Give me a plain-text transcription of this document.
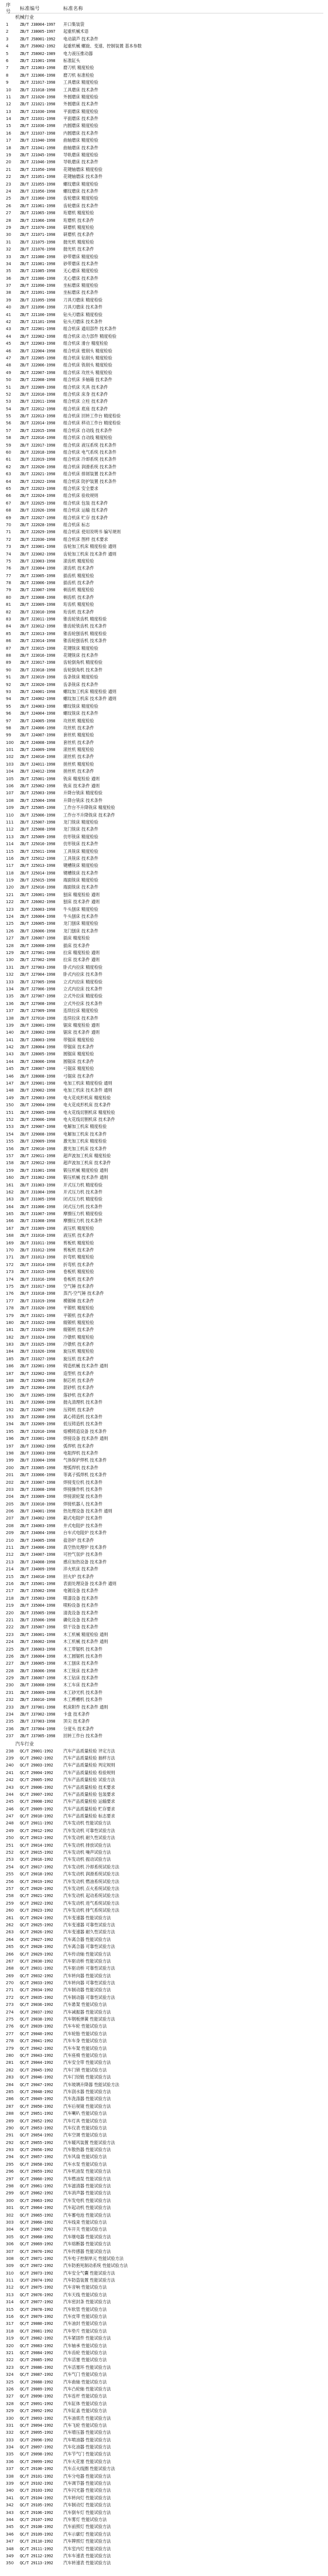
序号
标准编号	标准名称
机械行业
1	ZB/T J38004-1997	开口集装袋
2	ZB/T J38005-1997	起重机械术语
3	ZB/T J58001-1992	电动葫芦 技术条件
4	ZB/T J58002-1992	起重机械 螺旋、变速、控制装置 基本参数
5	ZB/T J58002-1989	电力液压推动器
6	ZB/T J21001-1998	标准缸头
7	ZB/T J21003-1998	磨刀机 精度检验
8	ZB/T J21006-1998	磨刀机 标准检验
9	ZB/T J21017-1998	工具磨床 精度检验
10	ZB/T J21018-1998	工具磨床 技术条件
11	ZB/T J21020-1998	外圆磨床 精度检验
12	ZB/T J21021-1998	外圆磨床 技术条件
13	ZB/T J21030-1998	平面磨床 精度检验
14	ZB/T J21031-1998	平面磨床 技术条件
15	ZB/T J21036-1998	内圆磨床 精度检验
16	ZB/T J21037-1998	内圆磨床 技术条件
17	ZB/T J21040-1998	曲轴磨床 精度检验
18	ZB/T J21041-1998	曲轴磨床 技术条件
19	ZB/T J21045-1998	导轨磨床 精度检验
20	ZB/T J21046-1998	导轨磨床 技术条件
21	ZB/T J21050-1998	花键轴磨床 精度检验
22	ZB/T J21051-1998	花键轴磨床 技术条件
23	ZB/T J21055-1998	螺纹磨床 精度检验
24	ZB/T J21056-1998	螺纹磨床 技术条件
25	ZB/T J21060-1998	齿轮磨床 精度检验
26	ZB/T J21061-1998	齿轮磨床 技术条件
27	ZB/T J21065-1998	珩磨机 精度检验
28	ZB/T J21066-1998	珩磨机 技术条件
29	ZB/T J21070-1998	研磨机 精度检验
30	ZB/T J21071-1998	研磨机 技术条件
31	ZB/T J21075-1998	抛光机 精度检验
32	ZB/T J21076-1998	抛光机 技术条件
33	ZB/T J21080-1998	砂带磨床 精度检验
34	ZB/T J21081-1998	砂带磨床 技术条件
35	ZB/T J21085-1998	无心磨床 精度检验
36	ZB/T J21086-1998	无心磨床 技术条件
37	ZB/T J21090-1998	坐标磨床 精度检验
38	ZB/T J21091-1998	坐标磨床 技术条件
39	ZB/T J21095-1998	刀具刃磨床 精度检验
40	ZB/T J21096-1998	刀具刃磨床 技术条件
41	ZB/T J21100-1998	钻头刃磨床 精度检验
42	ZB/T J21101-1998	钻头刃磨床 技术条件
43	ZB/T J22001-1998	组合机床 通用部件 技术条件
44	ZB/T J22002-1998	组合机床 动力部件 精度检验
45	ZB/T J22003-1998	组合机床 滑台 精度检验
46	ZB/T J22004-1998	组合机床 镗削头 精度检验
47	ZB/T J22005-1998	组合机床 钻削头 精度检验
48	ZB/T J22006-1998	组合机床 铣削头 精度检验
49	ZB/T J22007-1998	组合机床 攻丝头 精度检验
50	ZB/T J22008-1998	组合机床 多轴箱 技术条件
51	ZB/T J22009-1998	组合机床 夹具 技术条件
52	ZB/T J22010-1998	组合机床 床身 技术条件
53	ZB/T J22011-1998	组合机床 立柱 技术条件
54	ZB/T J22012-1998	组合机床 底座 技术条件
55	ZB/T J22013-1998	组合机床 回转工作台 精度检验
56	ZB/T J22014-1998	组合机床 移动工作台 精度检验
57	ZB/T J22015-1998	组合机床 自动线 技术条件
58	ZB/T J22016-1998	组合机床 自动线 精度检验
59	ZB/T J22017-1998	组合机床 液压系统 技术条件
60	ZB/T J22018-1998	组合机床 电气系统 技术条件
61	ZB/T J22019-1998	组合机床 冷却系统 技术条件
62	ZB/T J22020-1998	组合机床 润滑系统 技术条件
63	ZB/T J22021-1998	组合机床 排屑装置 技术条件
64	ZB/T J22022-1998	组合机床 防护装置 技术条件
65	ZB/T J22023-1998	组合机床 安全要求
66	ZB/T J22024-1998	组合机床 验收规则
67	ZB/T J22025-1998	组合机床 包装 技术条件
68	ZB/T J22026-1998	组合机床 运输 技术条件
69	ZB/T J22027-1998	组合机床 贮存 技术条件
70	ZB/T J22028-1998	组合机床 标志
71	ZB/T J22029-1998	组合机床 使用说明书 编写规则
72	ZB/T J22030-1998	组合机床 图样 技术要求
73	ZB/T J23001-1998	齿轮加工机床 精度检验 通则
74	ZB/T J23002-1998	齿轮加工机床 技术条件 通则
75	ZB/T J23003-1998	滚齿机 精度检验
76	ZB/T J23004-1998	滚齿机 技术条件
77	ZB/T J23005-1998	插齿机 精度检验
78	ZB/T J23006-1998	插齿机 技术条件
79	ZB/T J23007-1998	剃齿机 精度检验
80	ZB/T J23008-1998	剃齿机 技术条件
81	ZB/T J23009-1998	珩齿机 精度检验
82	ZB/T J23010-1998	珩齿机 技术条件
83	ZB/T J23011-1998	锥齿轮铣齿机 精度检验
84	ZB/T J23012-1998	锥齿轮铣齿机 技术条件
85	ZB/T J23013-1998	锥齿轮刨齿机 精度检验
86	ZB/T J23014-1998	锥齿轮刨齿机 技术条件
87	ZB/T J23015-1998	花键铣床 精度检验
88	ZB/T J23016-1998	花键铣床 技术条件
89	ZB/T J23017-1998	齿轮倒角机 精度检验
90	ZB/T J23018-1998	齿轮倒角机 技术条件
91	ZB/T J23019-1998	齿条铣床 精度检验
92	ZB/T J23020-1998	齿条铣床 技术条件
93	ZB/T J24001-1998	螺纹加工机床 精度检验 通则
94	ZB/T J24002-1998	螺纹加工机床 技术条件 通则
95	ZB/T J24003-1998	螺纹铣床 精度检验
96	ZB/T J24004-1998	螺纹铣床 技术条件
97	ZB/T J24005-1998	攻丝机 精度检验
98	ZB/T J24006-1998	攻丝机 技术条件
99	ZB/T J24007-1998	套丝机 精度检验
100	ZB/T J24008-1998	套丝机 技术条件
101	ZB/T J24009-1998	滚丝机 精度检验
102	ZB/T J24010-1998	滚丝机 技术条件
103	ZB/T J24011-1998	搓丝机 精度检验
104	ZB/T J24012-1998	搓丝机 技术条件
105	ZB/T J25001-1998	铣床 精度检验 通则
106	ZB/T J25002-1998	铣床 技术条件 通则
107	ZB/T J25003-1998	升降台铣床 精度检验
108	ZB/T J25004-1998	升降台铣床 技术条件
109	ZB/T J25005-1998	工作台不升降铣床 精度检验
110	ZB/T J25006-1998	工作台不升降铣床 技术条件
111	ZB/T J25007-1998	龙门铣床 精度检验
112	ZB/T J25008-1998	龙门铣床 技术条件
113	ZB/T J25009-1998	仿形铣床 精度检验
114	ZB/T J25010-1998	仿形铣床 技术条件
115	ZB/T J25011-1998	工具铣床 精度检验
116	ZB/T J25012-1998	工具铣床 技术条件
117	ZB/T J25013-1998	键槽铣床 精度检验
118	ZB/T J25014-1998	键槽铣床 技术条件
119	ZB/T J25015-1998	端面铣床 精度检验
120	ZB/T J25016-1998	端面铣床 技术条件
121	ZB/T J26001-1998	刨床 精度检验 通则
122	ZB/T J26002-1998	刨床 技术条件 通则
123	ZB/T J26003-1998	牛头刨床 精度检验
124	ZB/T J26004-1998	牛头刨床 技术条件
125	ZB/T J26005-1998	龙门刨床 精度检验
126	ZB/T J26006-1998	龙门刨床 技术条件
127	ZB/T J26007-1998	插床 精度检验
128	ZB/T J26008-1998	插床 技术条件
129	ZB/T J27001-1998	拉床 精度检验 通则
130	ZB/T J27002-1998	拉床 技术条件 通则
131	ZB/T J27003-1998	卧式内拉床 精度检验
132	ZB/T J27004-1998	卧式内拉床 技术条件
133	ZB/T J27005-1998	立式内拉床 精度检验
134	ZB/T J27006-1998	立式内拉床 技术条件
135	ZB/T J27007-1998	立式外拉床 精度检验
136	ZB/T J27008-1998	立式外拉床 技术条件
137	ZB/T J27009-1998	连续拉床 精度检验
138	ZB/T J27010-1998	连续拉床 技术条件
139	ZB/T J28001-1998	锯床 精度检验 通则
140	ZB/T J28002-1998	锯床 技术条件 通则
141	ZB/T J28003-1998	带锯床 精度检验
142	ZB/T J28004-1998	带锯床 技术条件
143	ZB/T J28005-1998	圆锯床 精度检验
144	ZB/T J28006-1998	圆锯床 技术条件
145	ZB/T J28007-1998	弓锯床 精度检验
146	ZB/T J28008-1998	弓锯床 技术条件
147	ZB/T J29001-1998	电加工机床 精度检验 通则
148	ZB/T J29002-1998	电加工机床 技术条件 通则
149	ZB/T J29003-1998	电火花成形机床 精度检验
150	ZB/T J29004-1998	电火花成形机床 技术条件
151	ZB/T J29005-1998	电火花线切割机床 精度检验
152	ZB/T J29006-1998	电火花线切割机床 技术条件
153	ZB/T J29007-1998	电解加工机床 精度检验
154	ZB/T J29008-1998	电解加工机床 技术条件
155	ZB/T J29009-1998	激光加工机床 精度检验
156	ZB/T J29010-1998	激光加工机床 技术条件
157	ZB/T J29011-1998	超声波加工机床 精度检验
158	ZB/T J29012-1998	超声波加工机床 技术条件
159	ZB/T J31001-1998	锻压机械 精度检验 通则
160	ZB/T J31002-1998	锻压机械 技术条件 通则
161	ZB/T J31003-1998	开式压力机 精度检验
162	ZB/T J31004-1998	开式压力机 技术条件
163	ZB/T J31005-1998	闭式压力机 精度检验
164	ZB/T J31006-1998	闭式压力机 技术条件
165	ZB/T J31007-1998	摩擦压力机 精度检验
166	ZB/T J31008-1998	摩擦压力机 技术条件
167	ZB/T J31009-1998	液压机 精度检验
168	ZB/T J31010-1998	液压机 技术条件
169	ZB/T J31011-1998	剪板机 精度检验
170	ZB/T J31012-1998	剪板机 技术条件
171	ZB/T J31013-1998	折弯机 精度检验
172	ZB/T J31014-1998	折弯机 技术条件
173	ZB/T J31015-1998	卷板机 精度检验
174	ZB/T J31016-1998	卷板机 技术条件
175	ZB/T J31017-1998	空气锤 技术条件
176	ZB/T J31018-1998	蒸汽-空气锤 技术条件
177	ZB/T J31019-1998	模锻锤 技术条件
178	ZB/T J31020-1998	平锻机 精度检验
179	ZB/T J31021-1998	平锻机 技术条件
180	ZB/T J31022-1998	辊锻机 精度检验
181	ZB/T J31023-1998	辊锻机 技术条件
182	ZB/T J31024-1998	冷镦机 精度检验
183	ZB/T J31025-1998	冷镦机 技术条件
184	ZB/T J31026-1998	旋压机 精度检验
185	ZB/T J31027-1998	旋压机 技术条件
186	ZB/T J32001-1998	铸造机械 技术条件 通则
187	ZB/T J32002-1998	造型机 技术条件
188	ZB/T J32003-1998	制芯机 技术条件
189	ZB/T J32004-1998	混砂机 技术条件
190	ZB/T J32005-1998	落砂机 技术条件
191	ZB/T J32006-1998	抛丸清理机 技术条件
192	ZB/T J32007-1998	压铸机 技术条件
193	ZB/T J32008-1998	离心铸造机 技术条件
194	ZB/T J32009-1998	低压铸造机 技术条件
195	ZB/T J32010-1998	熔模铸造设备 技术条件
196	ZB/T J33001-1998	焊接设备 技术条件 通则
197	ZB/T J33002-1998	弧焊机 技术条件
198	ZB/T J33003-1998	电阻焊机 技术条件
199	ZB/T J33004-1998	气体保护焊机 技术条件
200	ZB/T J33005-1998	埋弧焊机 技术条件
201	ZB/T J33006-1998	等离子弧焊机 技术条件
202	ZB/T J33007-1998	焊接变位机 技术条件
203	ZB/T J33008-1998	焊接操作机 技术条件
204	ZB/T J33009-1998	焊接滚轮架 技术条件
205	ZB/T J33010-1998	焊接机器人 技术条件
206	ZB/T J34001-1998	热处理设备 技术条件 通则
207	ZB/T J34002-1998	箱式电阻炉 技术条件
208	ZB/T J34003-1998	井式电阻炉 技术条件
209	ZB/T J34004-1998	台车式电阻炉 技术条件
210	ZB/T J34005-1998	盐浴炉 技术条件
211	ZB/T J34006-1998	真空热处理炉 技术条件
212	ZB/T J34007-1998	可控气氛炉 技术条件
213	ZB/T J34008-1998	感应加热设备 技术条件
214	ZB/T J34009-1998	淬火机床 技术条件
215	ZB/T J34010-1998	回火炉 技术条件
216	ZB/T J35001-1998	表面处理设备 技术条件 通则
217	ZB/T J35002-1998	电镀设备 技术条件
218	ZB/T J35003-1998	喷漆设备 技术条件
219	ZB/T J35004-1998	喷粉设备 技术条件
220	ZB/T J35005-1998	清洗设备 技术条件
221	ZB/T J35006-1998	磷化设备 技术条件
222	ZB/T J35007-1998	烘干设备 技术条件
223	ZB/T J36001-1998	木工机械 精度检验 通则
224	ZB/T J36002-1998	木工机械 技术条件 通则
225	ZB/T J36003-1998	木工带锯机 技术条件
226	ZB/T J36004-1998	木工圆锯机 技术条件
227	ZB/T J36005-1998	木工刨床 技术条件
228	ZB/T J36006-1998	木工铣床 技术条件
229	ZB/T J36007-1998	木工钻床 技术条件
230	ZB/T J36008-1998	木工车床 技术条件
231	ZB/T J36009-1998	木工砂光机 技术条件
232	ZB/T J36010-1998	木工榫槽机 技术条件
233	ZB/T J37001-1998	机床附件 技术条件 通则
234	ZB/T J37002-1998	卡盘 技术条件
235	ZB/T J37003-1998	顶尖 技术条件
236	ZB/T J37004-1998	分度头 技术条件
237	ZB/T J37005-1998	回转工作台 技术条件
汽车行业
238	QC/T 29001-1992	汽车产品质量检验 评定方法
239	QC/T 29002-1992	汽车产品质量检验 抽样方法
240	QC/T 29003-1992	汽车产品质量检验 判定规则
241	QC/T 29004-1992	汽车产品质量检验 检验规则
242	QC/T 29005-1992	汽车产品质量检验 试验方法
243	QC/T 29006-1992	汽车产品质量检验 技术要求
244	QC/T 29007-1992	汽车产品质量检验 包装要求
245	QC/T 29008-1992	汽车产品质量检验 运输要求
246	QC/T 29009-1992	汽车产品质量检验 贮存要求
247	QC/T 29010-1992	汽车产品质量检验 标志要求
248	QC/T 29011-1992	汽车发动机 性能试验方法
249	QC/T 29012-1992	汽车发动机 可靠性试验方法
250	QC/T 29013-1992	汽车发动机 耐久性试验方法
251	QC/T 29014-1992	汽车发动机 排放试验方法
252	QC/T 29015-1992	汽车发动机 噪声试验方法
253	QC/T 29016-1992	汽车发动机 振动试验方法
254	QC/T 29017-1992	汽车发动机 冷却系统试验方法
255	QC/T 29018-1992	汽车发动机 润滑系统试验方法
256	QC/T 29019-1992	汽车发动机 燃油系统试验方法
257	QC/T 29020-1992	汽车发动机 点火系统试验方法
258	QC/T 29021-1992	汽车发动机 起动系统试验方法
259	QC/T 29022-1992	汽车发动机 进气系统试验方法
260	QC/T 29023-1992	汽车发动机 排气系统试验方法
261	QC/T 29024-1992	汽车变速器 性能试验方法
262	QC/T 29025-1992	汽车变速器 可靠性试验方法
263	QC/T 29026-1992	汽车变速器 耐久性试验方法
264	QC/T 29027-1992	汽车离合器 性能试验方法
265	QC/T 29028-1992	汽车离合器 可靠性试验方法
266	QC/T 29029-1992	汽车传动轴 性能试验方法
267	QC/T 29030-1992	汽车驱动桥 性能试验方法
268	QC/T 29031-1992	汽车驱动桥 可靠性试验方法
269	QC/T 29032-1992	汽车转向器 性能试验方法
270	QC/T 29033-1992	汽车转向器 可靠性试验方法
271	QC/T 29034-1992	汽车制动器 性能试验方法
272	QC/T 29035-1992	汽车制动器 可靠性试验方法
273	QC/T 29036-1992	汽车悬架 性能试验方法
274	QC/T 29037-1992	汽车减振器 性能试验方法
275	QC/T 29038-1992	汽车钢板弹簧 性能试验方法
276	QC/T 29039-1992	汽车车轮 性能试验方法
277	QC/T 29040-1992	汽车轮胎 性能试验方法
278	QC/T 29041-1992	汽车车身 性能试验方法
279	QC/T 29042-1992	汽车车架 性能试验方法
280	QC/T 29043-1992	汽车座椅 性能试验方法
281	QC/T 29044-1992	汽车安全带 性能试验方法
282	QC/T 29045-1992	汽车门锁 性能试验方法
283	QC/T 29046-1992	汽车门铰链 性能试验方法
284	QC/T 29047-1992	汽车玻璃升降器 性能试验方法
285	QC/T 29048-1992	汽车刮水器 性能试验方法
286	QC/T 29049-1992	汽车洗涤器 性能试验方法
287	QC/T 29050-1992	汽车后视镜 性能试验方法
288	QC/T 29051-1992	汽车喇叭 性能试验方法
289	QC/T 29052-1992	汽车灯具 性能试验方法
290	QC/T 29053-1992	汽车仪表 性能试验方法
291	QC/T 29054-1992	汽车空调 性能试验方法
292	QC/T 29055-1992	汽车暖风装置 性能试验方法
293	QC/T 29056-1992	汽车散热器 性能试验方法
294	QC/T 29057-1992	汽车风扇 性能试验方法
295	QC/T 29058-1992	汽车水泵 性能试验方法
296	QC/T 29059-1992	汽车机油泵 性能试验方法
297	QC/T 29060-1992	汽车燃油泵 性能试验方法
298	QC/T 29061-1992	汽车滤清器 性能试验方法
299	QC/T 29062-1992	汽车消声器 性能试验方法
300	QC/T 29063-1992	汽车发电机 性能试验方法
301	QC/T 29064-1992	汽车起动机 性能试验方法
302	QC/T 29065-1992	汽车蓄电池 性能试验方法
303	QC/T 29066-1992	汽车线束 性能试验方法
304	QC/T 29067-1992	汽车开关 性能试验方法
305	QC/T 29068-1992	汽车继电器 性能试验方法
306	QC/T 29069-1992	汽车熔断器 性能试验方法
307	QC/T 29070-1992	汽车传感器 性能试验方法
308	QC/T 29071-1992	汽车电子控制单元 性能试验方法
309	QC/T 29072-1992	汽车防抱死制动系统 性能试验方法
310	QC/T 29073-1992	汽车安全气囊 性能试验方法
311	QC/T 29074-1992	汽车防盗装置 性能试验方法
312	QC/T 29075-1992	汽车音响 性能试验方法
313	QC/T 29076-1992	汽车天线 性能试验方法
314	QC/T 29077-1992	汽车密封条 性能试验方法
315	QC/T 29078-1992	汽车软管 性能试验方法
316	QC/T 29079-1992	汽车皮带 性能试验方法
317	QC/T 29080-1992	汽车油封 性能试验方法
318	QC/T 29081-1992	汽车垫片 性能试验方法
319	QC/T 29082-1992	汽车紧固件 性能试验方法
320	QC/T 29083-1992	汽车轴承 性能试验方法
321	QC/T 29084-1992	汽车齿轮 性能试验方法
322	QC/T 29085-1992	汽车活塞 性能试验方法
323	QC/T 29086-1992	汽车活塞环 性能试验方法
324	QC/T 29087-1992	汽车气门 性能试验方法
325	QC/T 29088-1992	汽车曲轴 性能试验方法
326	QC/T 29089-1992	汽车凸轮轴 性能试验方法
327	QC/T 29090-1992	汽车连杆 性能试验方法
328	QC/T 29091-1992	汽车缸体 性能试验方法
329	QC/T 29092-1992	汽车缸盖 性能试验方法
330	QC/T 29093-1992	汽车油底壳 性能试验方法
331	QC/T 29094-1992	汽车飞轮 性能试验方法
332	QC/T 29095-1992	汽车增压器 性能试验方法
333	QC/T 29096-1992	汽车喷油器 性能试验方法
334	QC/T 29097-1992	汽车化油器 性能试验方法
335	QC/T 29098-1992	汽车节气门 性能试验方法
336	QC/T 29099-1992	汽车火花塞 性能试验方法
337	QC/T 29100-1992	汽车点火线圈 性能试验方法
338	QC/T 29101-1992	汽车分电器 性能试验方法
339	QC/T 29102-1992	汽车调节器 性能试验方法
340	QC/T 29103-1992	汽车闪光器 性能试验方法
341	QC/T 29104-1992	汽车转向灯 性能试验方法
342	QC/T 29105-1992	汽车制动灯 性能试验方法
343	QC/T 29106-1992	汽车倒车灯 性能试验方法
344	QC/T 29107-1992	汽车雾灯 性能试验方法
345	QC/T 29108-1992	汽车前照灯 性能试验方法
346	QC/T 29109-1992	汽车示廓灯 性能试验方法
347	QC/T 29110-1992	汽车牌照灯 性能试验方法
348	QC/T 29111-1992	汽车室内灯 性能试验方法
349	QC/T 29112-1992	汽车车速表 性能试验方法
350	QC/T 29113-1992	汽车转速表 性能试验方法
